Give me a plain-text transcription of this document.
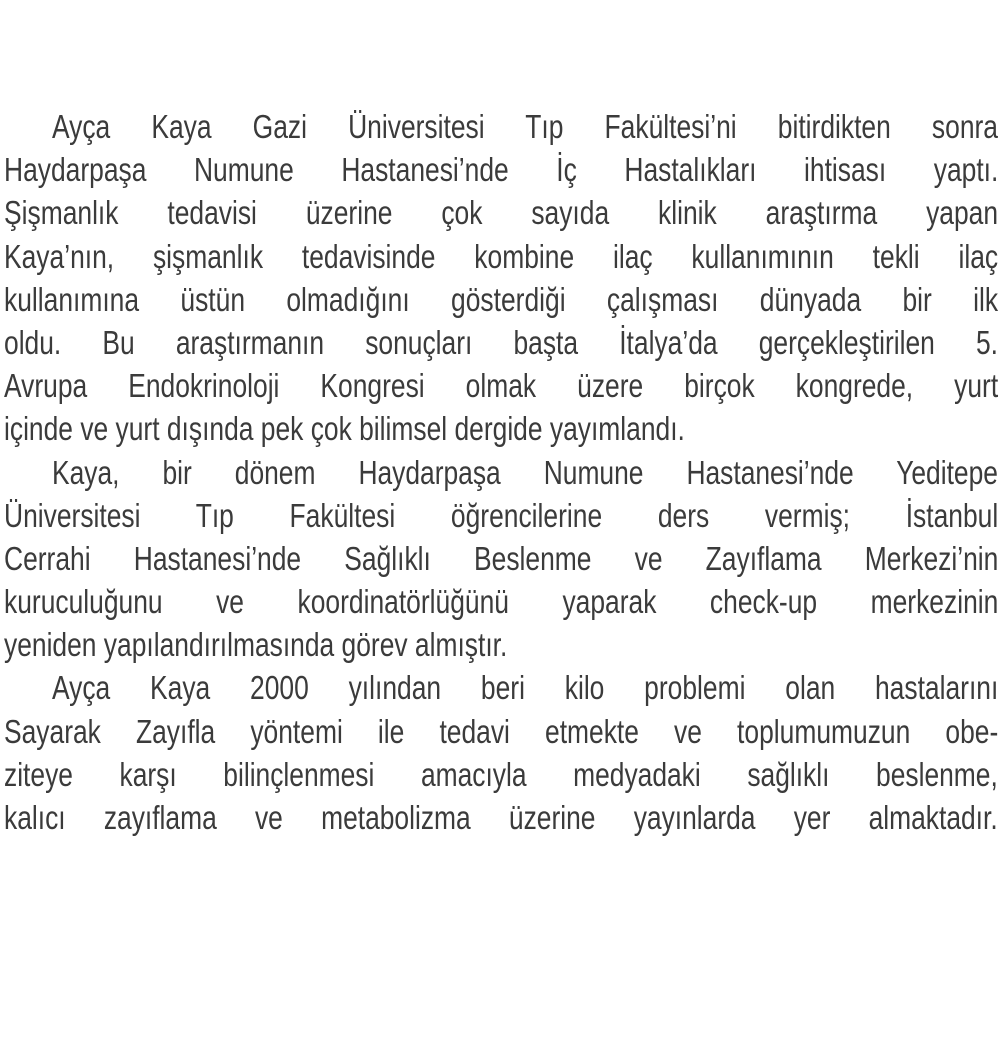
Ayça Kaya Gazi Üniversitesi Tıp Fakültesi’ni bitirdikten sonra
Haydarpaşa Numune Hastanesi’nde İç Hastalıkları ihtisası yaptı.
Şişmanlık tedavisi üzerine çok sayıda klinik araştırma yapan
Kaya’nın, şişmanlık tedavisinde kombine ilaç kullanımının tekli ilaç
kullanımına üstün olmadığını gösterdiği çalışması dünyada bir ilk
oldu. Bu araştırmanın sonuçları başta İtalya’da gerçekleştirilen 5.
Avrupa Endokrinoloji Kongresi olmak üzere birçok kongrede, yurt
içinde ve yurt dışında pek çok bilimsel dergide yayımlandı.
Kaya, bir dönem Haydarpaşa Numune Hastanesi’nde Yeditepe
Üniversitesi Tıp Fakültesi öğrencilerine ders vermiş; İstanbul
Cerrahi Hastanesi’nde Sağlıklı Beslenme ve Zayıflama Merkezi’nin
kuruculuğunu ve koordinatörlüğünü yaparak check-up merkezinin
yeniden yapılandırılmasında görev almıştır.
Ayça Kaya 2000 yılından beri kilo problemi olan hastalarını
Sayarak Zayıfla yöntemi ile tedavi etmekte ve toplumumuzun obe-
ziteye karşı bilinçlenmesi amacıyla medyadaki sağlıklı beslenme,
kalıcı zayıflama ve metabolizma üzerine yayınlarda yer almaktadır.
